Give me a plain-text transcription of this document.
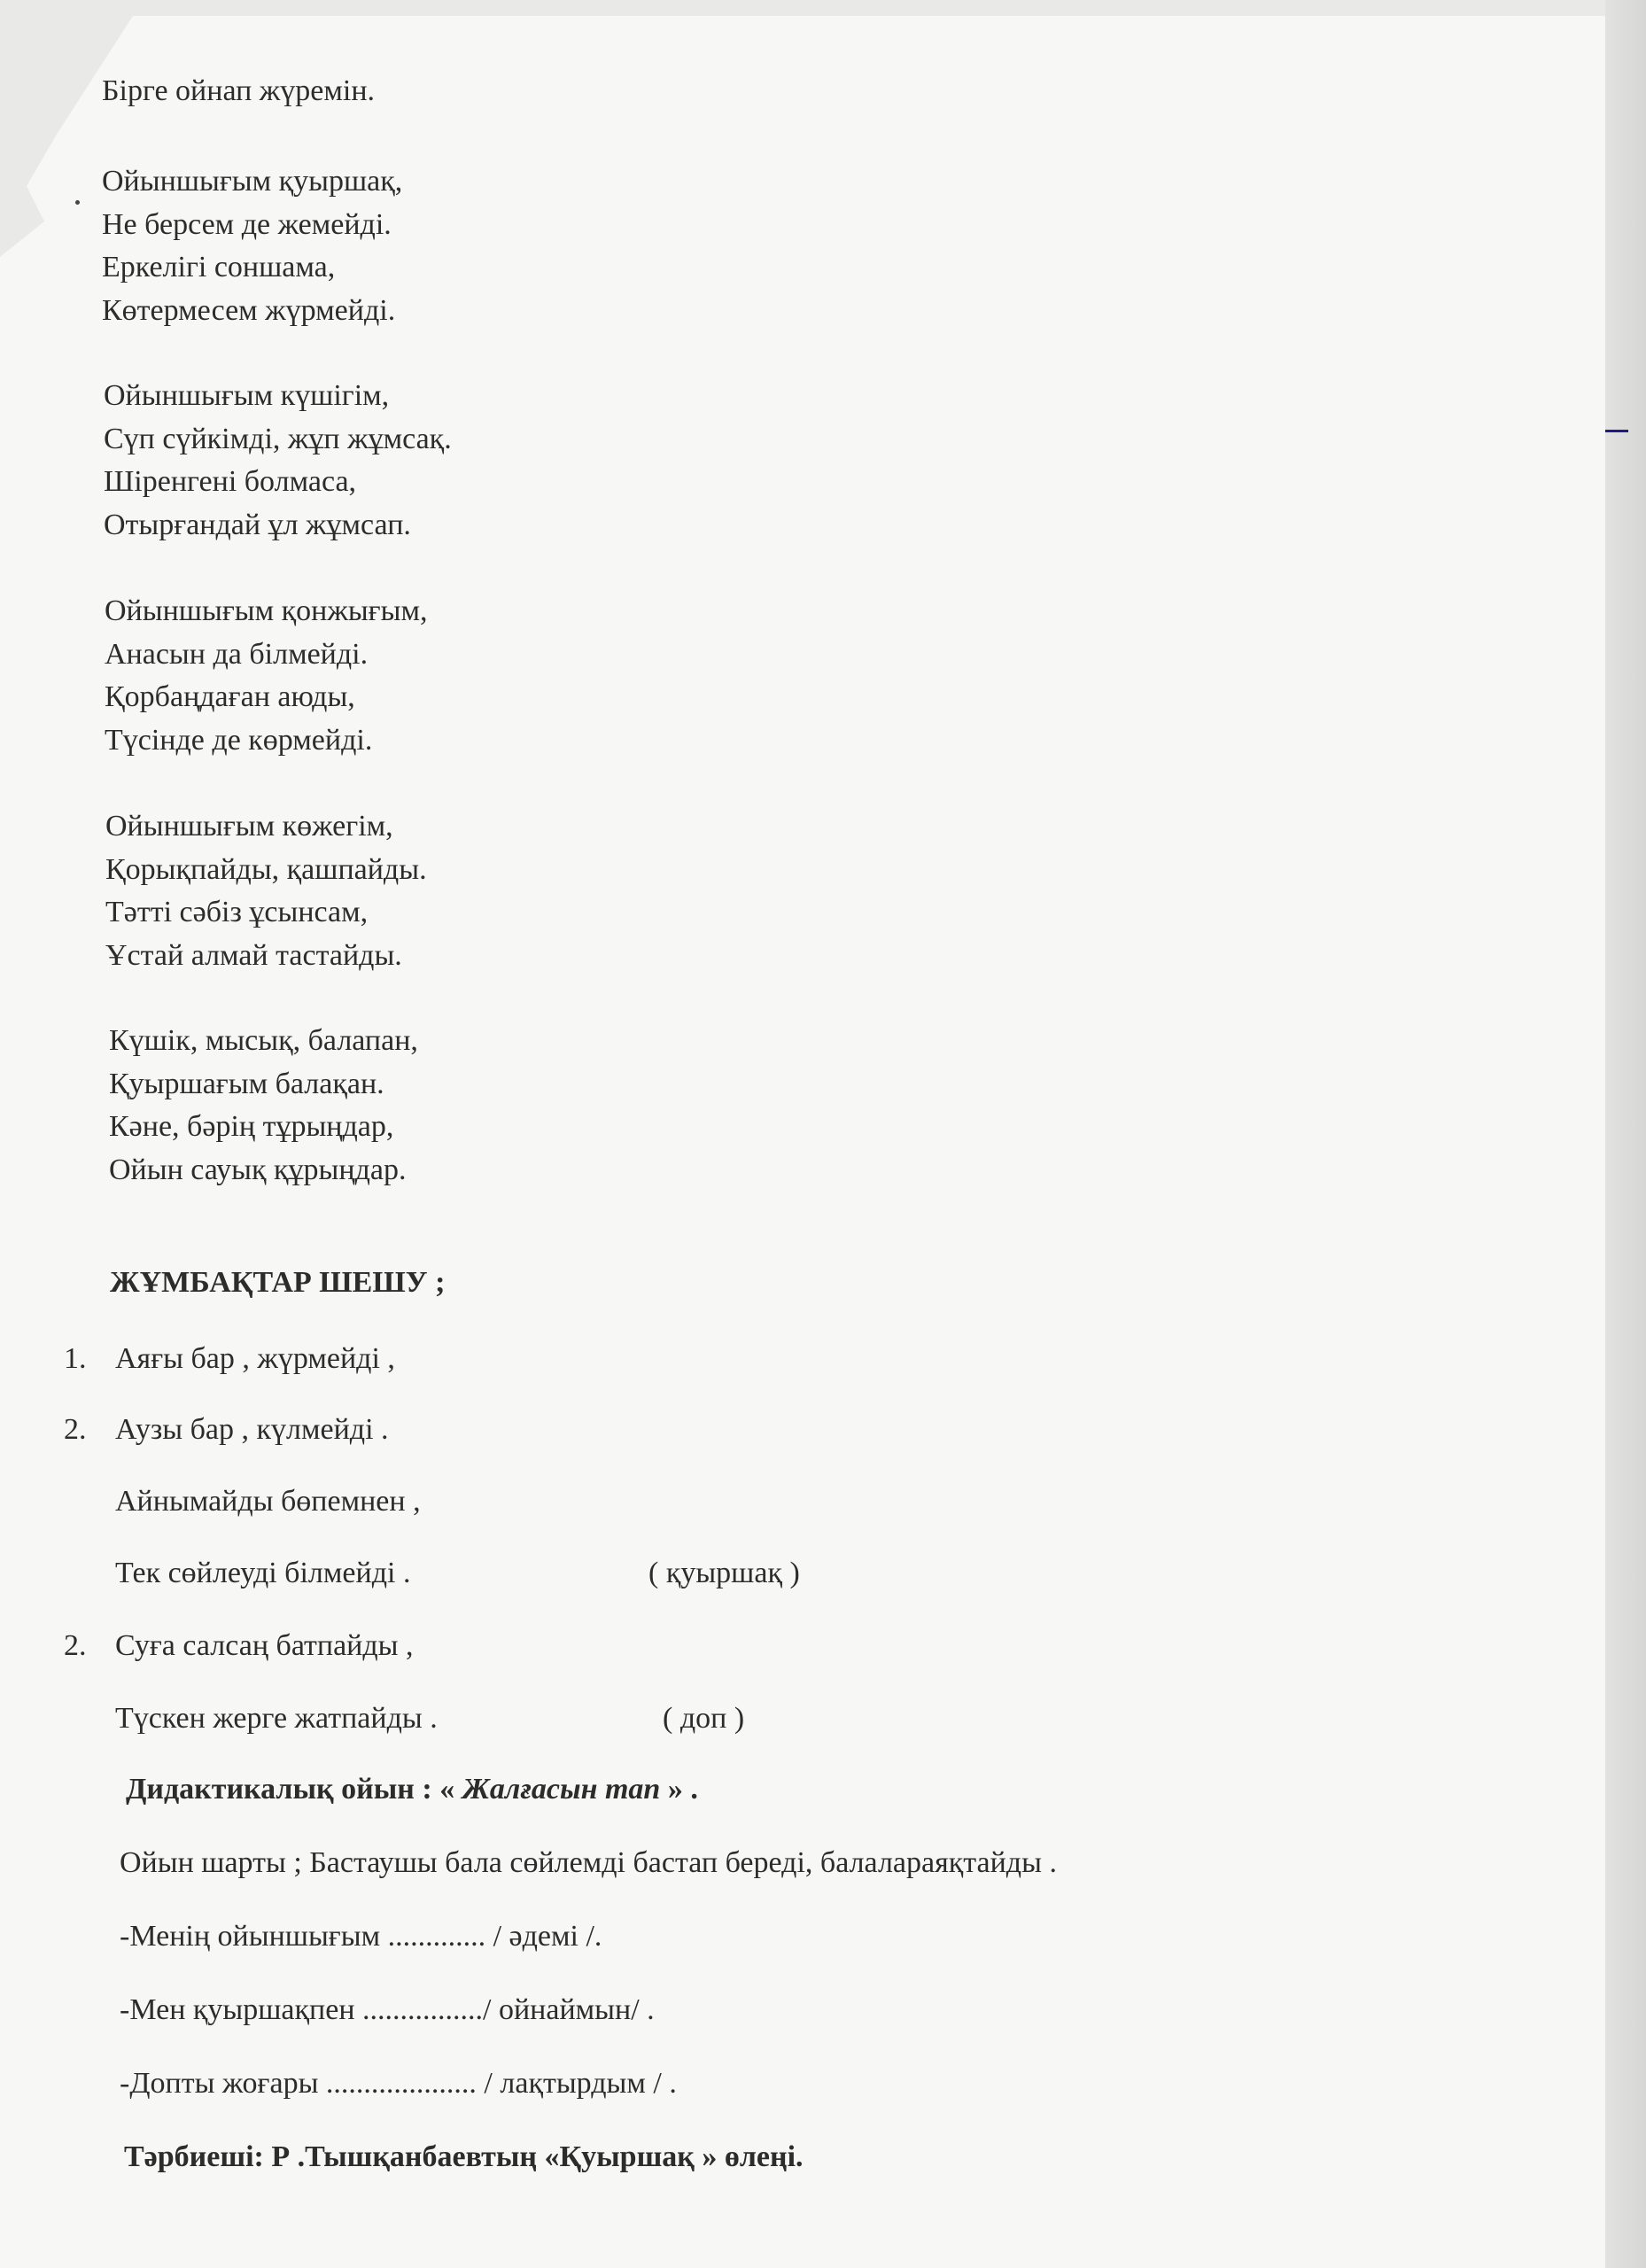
Бірге ойнап жүремін.
Ойыншығым қуыршақ,
Не берсем де жемейді.
Еркелігі соншама,
Көтермесем жүрмейді.
Ойыншығым күшігім,
Сүп сүйкімді, жұп жұмсақ.
Шіренгені болмаса,
Отырғандай ұл жұмсап.
Ойыншығым қонжығым,
Анасын да білмейді.
Қорбаңдаған аюды,
Түсінде де көрмейді.
Ойыншығым көжегім,
Қорықпайды, қашпайды.
Тәтті сәбіз ұсынсам,
Ұстай алмай тастайды.
Күшік, мысық, балапан,
Қуыршағым балақан.
Кәне, бәрің тұрыңдар,
Ойын сауық құрыңдар.
ЖҰМБАҚТАР ШЕШУ ;
1. Аяғы бар , жүрмейді ,
2. Аузы бар , күлмейді .
Айнымайды бөпемнен ,
Тек сөйлеуді білмейді .	( қуыршақ )
2. Суға салсаң батпайды ,
Түскен жерге жатпайды .	( доп )
Дидактикалық ойын : « Жалғасын тап » .
Ойын шарты ; Бастаушы бала сөйлемді бастап береді, балалараяқтайды .
-Менің ойыншығым ............. / әдемі /.
-Мен қуыршақпен ................/ ойнаймын/ .
-Допты жоғары .................... / лақтырдым / .
Тәрбиеші: Р .Тышқанбаевтың «Қуыршақ » өлеңі.
